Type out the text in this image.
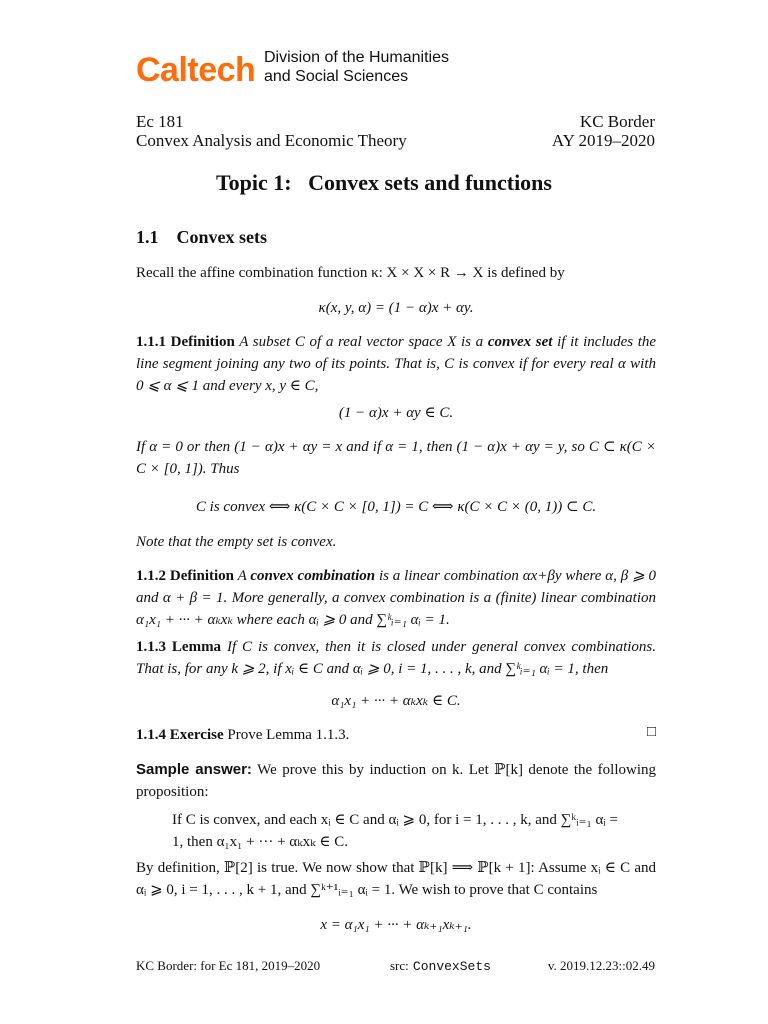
Caltech Division of the Humanities
and Social Sciences
Ec 181
Convex Analysis and Economic Theory
KC Border
AY 2019–2020
Topic 1:   Convex sets and functions
1.1 Convex sets
Recall the affine combination function κ: X × X × R → X is defined by
κ(x, y, α) = (1 − α)x + αy.
1.1.1 Definition A subset C of a real vector space X is a convex set if it includes the line segment joining any two of its points. That is, C is convex if for every real α with 0 ⩽ α ⩽ 1 and every x, y ∈ C,
(1 − α)x + αy ∈ C.
If α = 0 or then (1 − α)x + αy = x and if α = 1, then (1 − α)x + αy = y, so C ⊂ κ(C × C × [0, 1]). Thus
C is convex ⟺ κ(C × C × [0, 1]) = C ⟺ κ(C × C × (0, 1)) ⊂ C.
Note that the empty set is convex.
1.1.2 Definition A convex combination is a linear combination αx+βy where α, β ⩾ 0 and α + β = 1. More generally, a convex combination is a (finite) linear combination α₁x₁ + ··· + αₖxₖ where each αᵢ ⩾ 0 and ∑ᵏᵢ₌₁ αᵢ = 1.
1.1.3 Lemma If C is convex, then it is closed under general convex combinations. That is, for any k ⩾ 2, if xᵢ ∈ C and αᵢ ⩾ 0, i = 1, . . . , k, and ∑ᵏᵢ₌₁ αᵢ = 1, then
α₁x₁ + ··· + αₖxₖ ∈ C.
1.1.4 Exercise Prove Lemma 1.1.3.	□
Sample answer: We prove this by induction on k. Let ℙ[k] denote the following proposition:
If C is convex, and each xᵢ ∈ C and αᵢ ⩾ 0, for i = 1, . . . , k, and ∑ᵏᵢ₌₁ αᵢ = 1, then α₁x₁ + ··· + αₖxₖ ∈ C.
By definition, ℙ[2] is true. We now show that ℙ[k] ⟹ ℙ[k + 1]: Assume xᵢ ∈ C and αᵢ ⩾ 0, i = 1, . . . , k + 1, and ∑ᵏ⁺¹ᵢ₌₁ αᵢ = 1. We wish to prove that C contains
x = α₁x₁ + ··· + αₖ₊₁xₖ₊₁.
KC Border: for Ec 181, 2019–2020	src: ConvexSets	v. 2019.12.23::02.49
